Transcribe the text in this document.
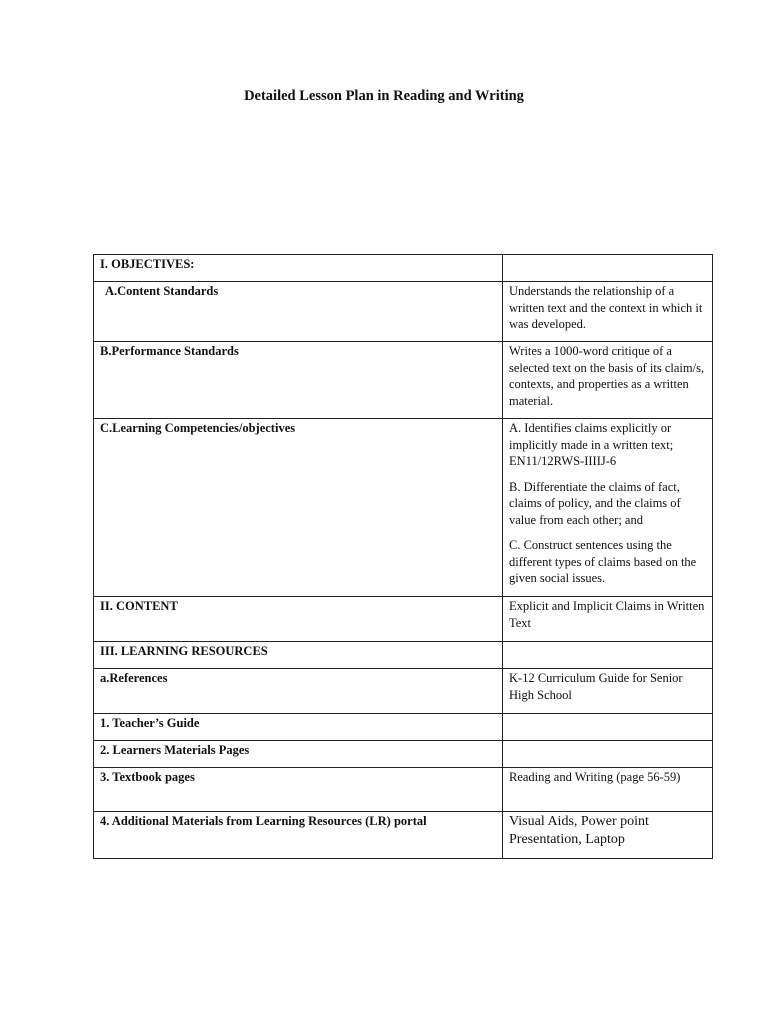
Detailed Lesson Plan in Reading and Writing
I. OBJECTIVES:	
A.Content Standards	Understands the relationship of a written text and the context in which it was developed.
B.Performance Standards	Writes a 1000-word critique of a selected text on the basis of its claim/s, contexts, and properties as a written material.
C.Learning Competencies/objectives	A. Identifies claims explicitly or implicitly made in a written text; EN11/12RWS-IIIIJ-6

B. Differentiate the claims of fact, claims of policy, and the claims of value from each other; and

C. Construct sentences using the different types of claims based on the given social issues.

II. CONTENT	Explicit and Implicit Claims in Written Text
III. LEARNING RESOURCES	
a.References	K-12 Curriculum Guide for Senior High School
1. Teacher’s Guide	
2. Learners Materials Pages	
3. Textbook pages	Reading and Writing (page 56-59)
4. Additional Materials from Learning Resources (LR) portal	Visual Aids, Power point Presentation, Laptop
